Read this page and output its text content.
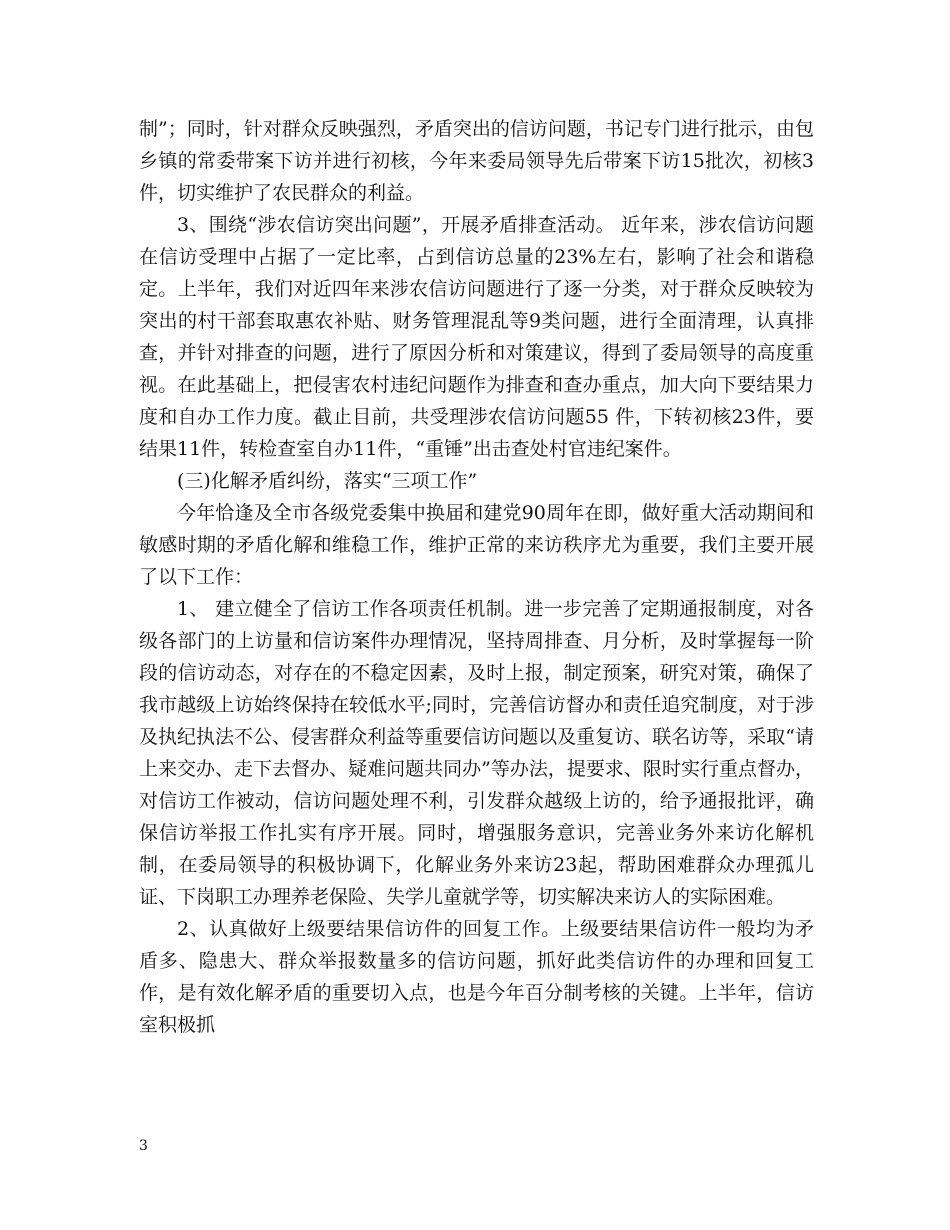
制”；同时，针对群众反映强烈，矛盾突出的信访问题，书记专门进行批示，由包乡镇的常委带案下访并进行初核，今年来委局领导先后带案下访15批次，初核3件，切实维护了农民群众的利益。

3、围绕“涉农信访突出问题”，开展矛盾排查活动。 近年来，涉农信访问题在信访受理中占据了一定比率，占到信访总量的23%左右，影响了社会和谐稳定。上半年，我们对近四年来涉农信访问题进行了逐一分类，对于群众反映较为突出的村干部套取惠农补贴、财务管理混乱等9类问题，进行全面清理，认真排查，并针对排查的问题，进行了原因分析和对策建议，得到了委局领导的高度重视。在此基础上，把侵害农村违纪问题作为排查和查办重点，加大向下要结果力度和自办工作力度。截止目前，共受理涉农信访问题55 件，下转初核23件，要结果11件，转检查室自办11件，“重锤”出击查处村官违纪案件。

(三)化解矛盾纠纷，落实“三项工作”

今年恰逢及全市各级党委集中换届和建党90周年在即，做好重大活动期间和敏感时期的矛盾化解和维稳工作，维护正常的来访秩序尤为重要，我们主要开展了以下工作：

1、 建立健全了信访工作各项责任机制。进一步完善了定期通报制度，对各级各部门的上访量和信访案件办理情况，坚持周排查、月分析，及时掌握每一阶段的信访动态，对存在的不稳定因素，及时上报，制定预案，研究对策，确保了我市越级上访始终保持在较低水平;同时，完善信访督办和责任追究制度，对于涉及执纪执法不公、侵害群众利益等重要信访问题以及重复访、联名访等，采取“请上来交办、走下去督办、疑难问题共同办”等办法，提要求、限时实行重点督办，对信访工作被动，信访问题处理不利，引发群众越级上访的，给予通报批评，确保信访举报工作扎实有序开展。同时，增强服务意识，完善业务外来访化解机制，在委局领导的积极协调下，化解业务外来访23起，帮助困难群众办理孤儿证、下岗职工办理养老保险、失学儿童就学等，切实解决来访人的实际困难。

2、认真做好上级要结果信访件的回复工作。上级要结果信访件一般均为矛盾多、隐患大、群众举报数量多的信访问题，抓好此类信访件的办理和回复工作，是有效化解矛盾的重要切入点，也是今年百分制考核的关键。上半年，信访室积极抓

3
